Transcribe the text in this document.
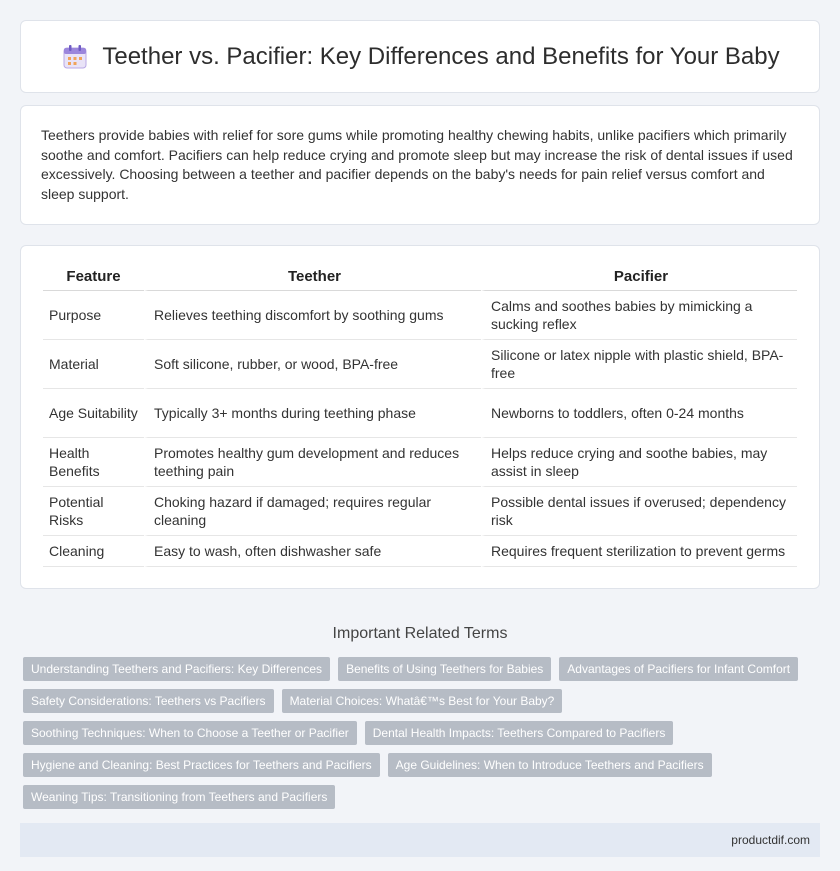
Teether vs. Pacifier: Key Differences and Benefits for Your Baby

Teethers provide babies with relief for sore gums while promoting healthy chewing habits, unlike pacifiers which primarily soothe and comfort. Pacifiers can help reduce crying and promote sleep but may increase the risk of dental issues if used excessively. Choosing between a teether and pacifier depends on the baby's needs for pain relief versus comfort and sleep support.

Feature	Teether	Pacifier
Purpose	Relieves teething discomfort by soothing gums	Calms and soothes babies by mimicking a sucking reflex
Material	Soft silicone, rubber, or wood, BPA-free	Silicone or latex nipple with plastic shield, BPA-free
Age Suitability	Typically 3+ months during teething phase	Newborns to toddlers, often 0-24 months
Health Benefits	Promotes healthy gum development and reduces teething pain	Helps reduce crying and soothe babies, may assist in sleep
Potential Risks	Choking hazard if damaged; requires regular cleaning	Possible dental issues if overused; dependency risk
Cleaning	Easy to wash, often dishwasher safe	Requires frequent sterilization to prevent germs
Important Related Terms
Understanding Teethers and Pacifiers: Key Differences	Benefits of Using Teethers for Babies	Advantages of Pacifiers for Infant Comfort
Safety Considerations: Teethers vs Pacifiers	Material Choices: Whatâ€™s Best for Your Baby?
Soothing Techniques: When to Choose a Teether or Pacifier	Dental Health Impacts: Teethers Compared to Pacifiers
Hygiene and Cleaning: Best Practices for Teethers and Pacifiers	Age Guidelines: When to Introduce Teethers and Pacifiers
Weaning Tips: Transitioning from Teethers and Pacifiers
productdif.com
